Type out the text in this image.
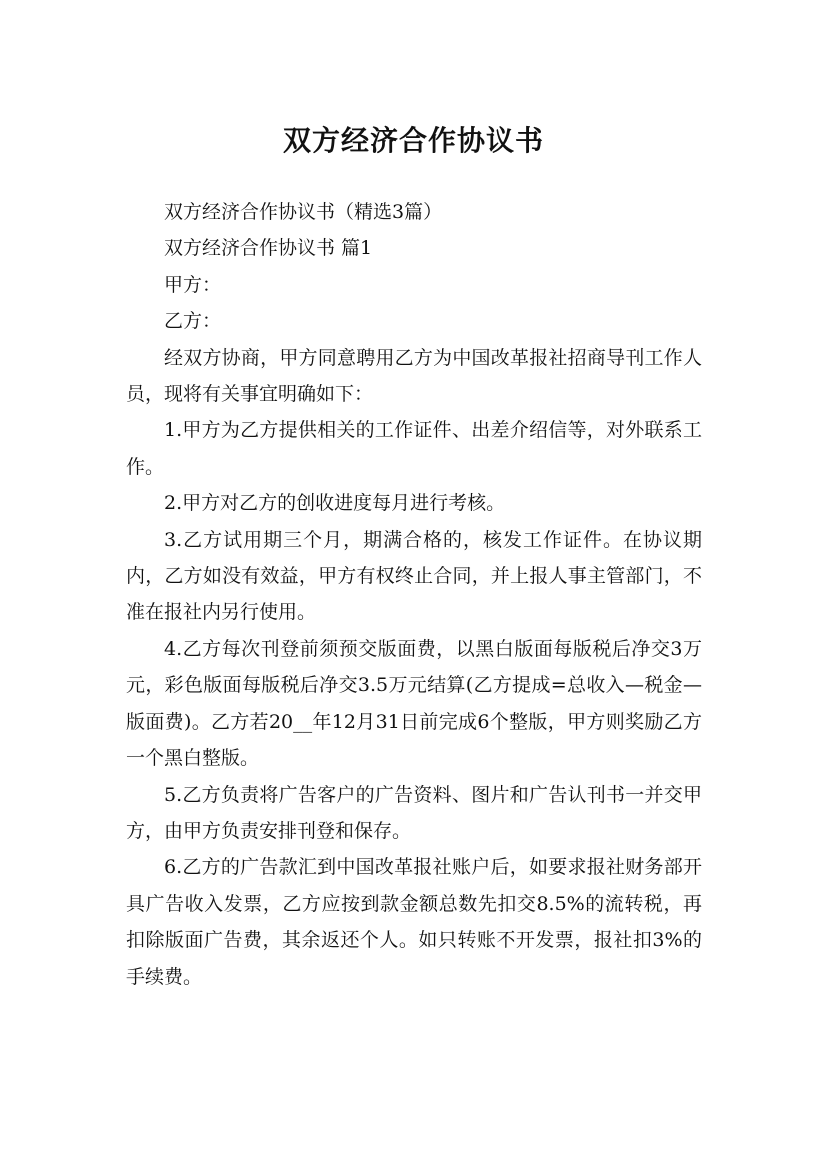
双方经济合作协议书

双方经济合作协议书（精选3篇）

双方经济合作协议书 篇1

甲方：

乙方：

经双方协商，甲方同意聘用乙方为中国改革报社招商导刊工作人员，现将有关事宜明确如下：

1.甲方为乙方提供相关的工作证件、出差介绍信等，对外联系工作。

2.甲方对乙方的创收进度每月进行考核。

3.乙方试用期三个月，期满合格的，核发工作证件。在协议期内，乙方如没有效益，甲方有权终止合同，并上报人事主管部门，不准在报社内另行使用。

4.乙方每次刊登前须预交版面费，以黑白版面每版税后净交3万元，彩色版面每版税后净交3.5万元结算(乙方提成=总收入—税金—版面费)。乙方若20__年12月31日前完成6个整版，甲方则奖励乙方一个黑白整版。

5.乙方负责将广告客户的广告资料、图片和广告认刊书一并交甲方，由甲方负责安排刊登和保存。

6.乙方的广告款汇到中国改革报社账户后，如要求报社财务部开具广告收入发票，乙方应按到款金额总数先扣交8.5%的流转税，再扣除版面广告费，其余返还个人。如只转账不开发票，报社扣3%的手续费。
